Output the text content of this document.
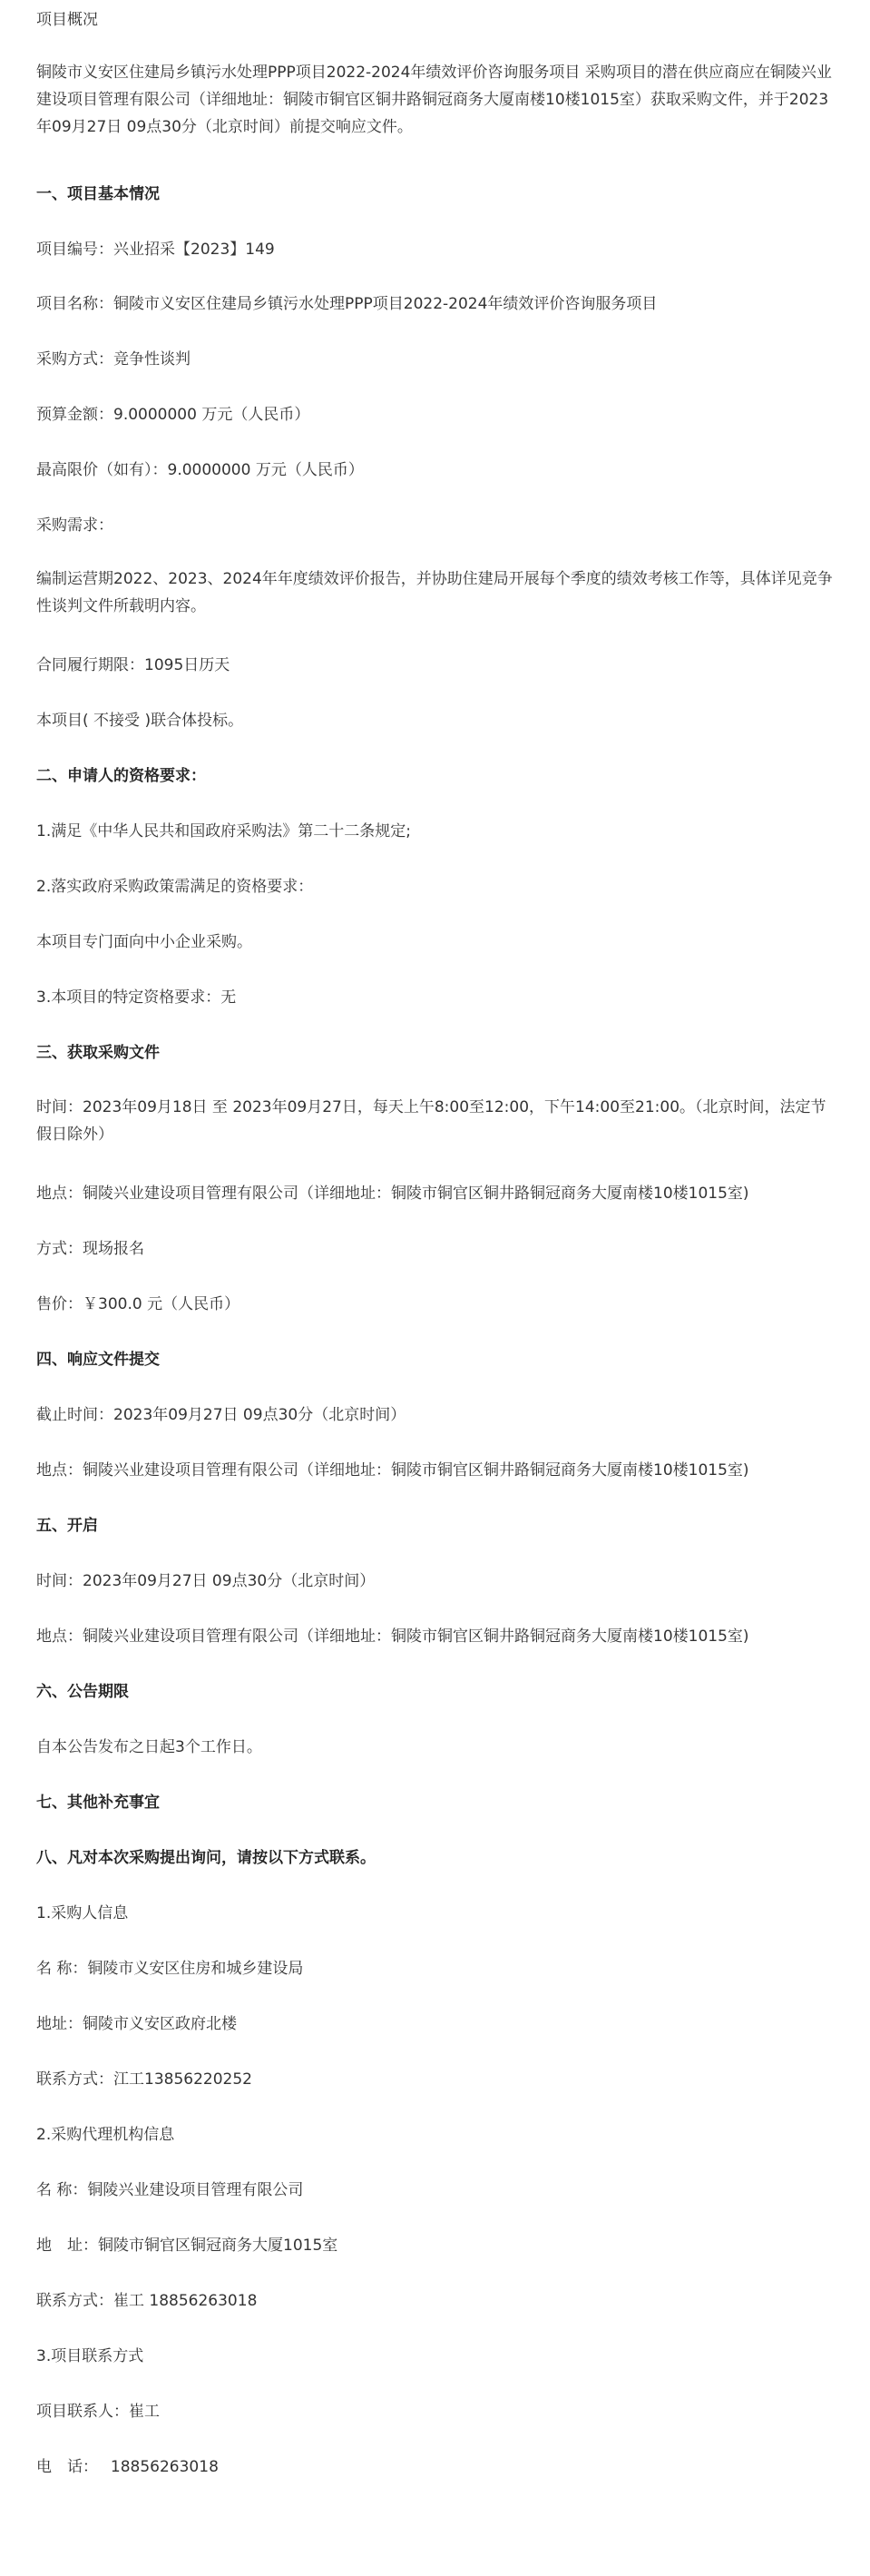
项目概况

铜陵市义安区住建局乡镇污水处理PPP项目2022-2024年绩效评价咨询服务项目 采购项目的潜在供应商应在铜陵兴业建设项目管理有限公司（详细地址：铜陵市铜官区铜井路铜冠商务大厦南楼10楼1015室）获取采购文件，并于2023年09月27日 09点30分（北京时间）前提交响应文件。

一、项目基本情况

项目编号：兴业招采【2023】149

项目名称：铜陵市义安区住建局乡镇污水处理PPP项目2022-2024年绩效评价咨询服务项目

采购方式：竞争性谈判

预算金额：9.0000000 万元（人民币）

最高限价（如有）：9.0000000 万元（人民币）

采购需求：

编制运营期2022、2023、2024年年度绩效评价报告，并协助住建局开展每个季度的绩效考核工作等，具体详见竞争性谈判文件所载明内容。

合同履行期限：1095日历天

本项目( 不接受 )联合体投标。

二、申请人的资格要求：

1.满足《中华人民共和国政府采购法》第二十二条规定;

2.落实政府采购政策需满足的资格要求：

本项目专门面向中小企业采购。

3.本项目的特定资格要求：无

三、获取采购文件

时间：2023年09月18日 至 2023年09月27日，每天上午8:00至12:00，下午14:00至21:00。（北京时间，法定节假日除外）

地点：铜陵兴业建设项目管理有限公司（详细地址：铜陵市铜官区铜井路铜冠商务大厦南楼10楼1015室)

方式：现场报名

售价：￥300.0 元（人民币）

四、响应文件提交

截止时间：2023年09月27日 09点30分（北京时间）

地点：铜陵兴业建设项目管理有限公司（详细地址：铜陵市铜官区铜井路铜冠商务大厦南楼10楼1015室)

五、开启

时间：2023年09月27日 09点30分（北京时间）

地点：铜陵兴业建设项目管理有限公司（详细地址：铜陵市铜官区铜井路铜冠商务大厦南楼10楼1015室)

六、公告期限

自本公告发布之日起3个工作日。

七、其他补充事宜

八、凡对本次采购提出询问，请按以下方式联系。

1.采购人信息

名 称：铜陵市义安区住房和城乡建设局

地址：铜陵市义安区政府北楼

联系方式：江工13856220252

2.采购代理机构信息

名 称：铜陵兴业建设项目管理有限公司

地　址：铜陵市铜官区铜冠商务大厦1015室

联系方式：崔工 18856263018

3.项目联系方式

项目联系人：崔工

电　话：　 18856263018
